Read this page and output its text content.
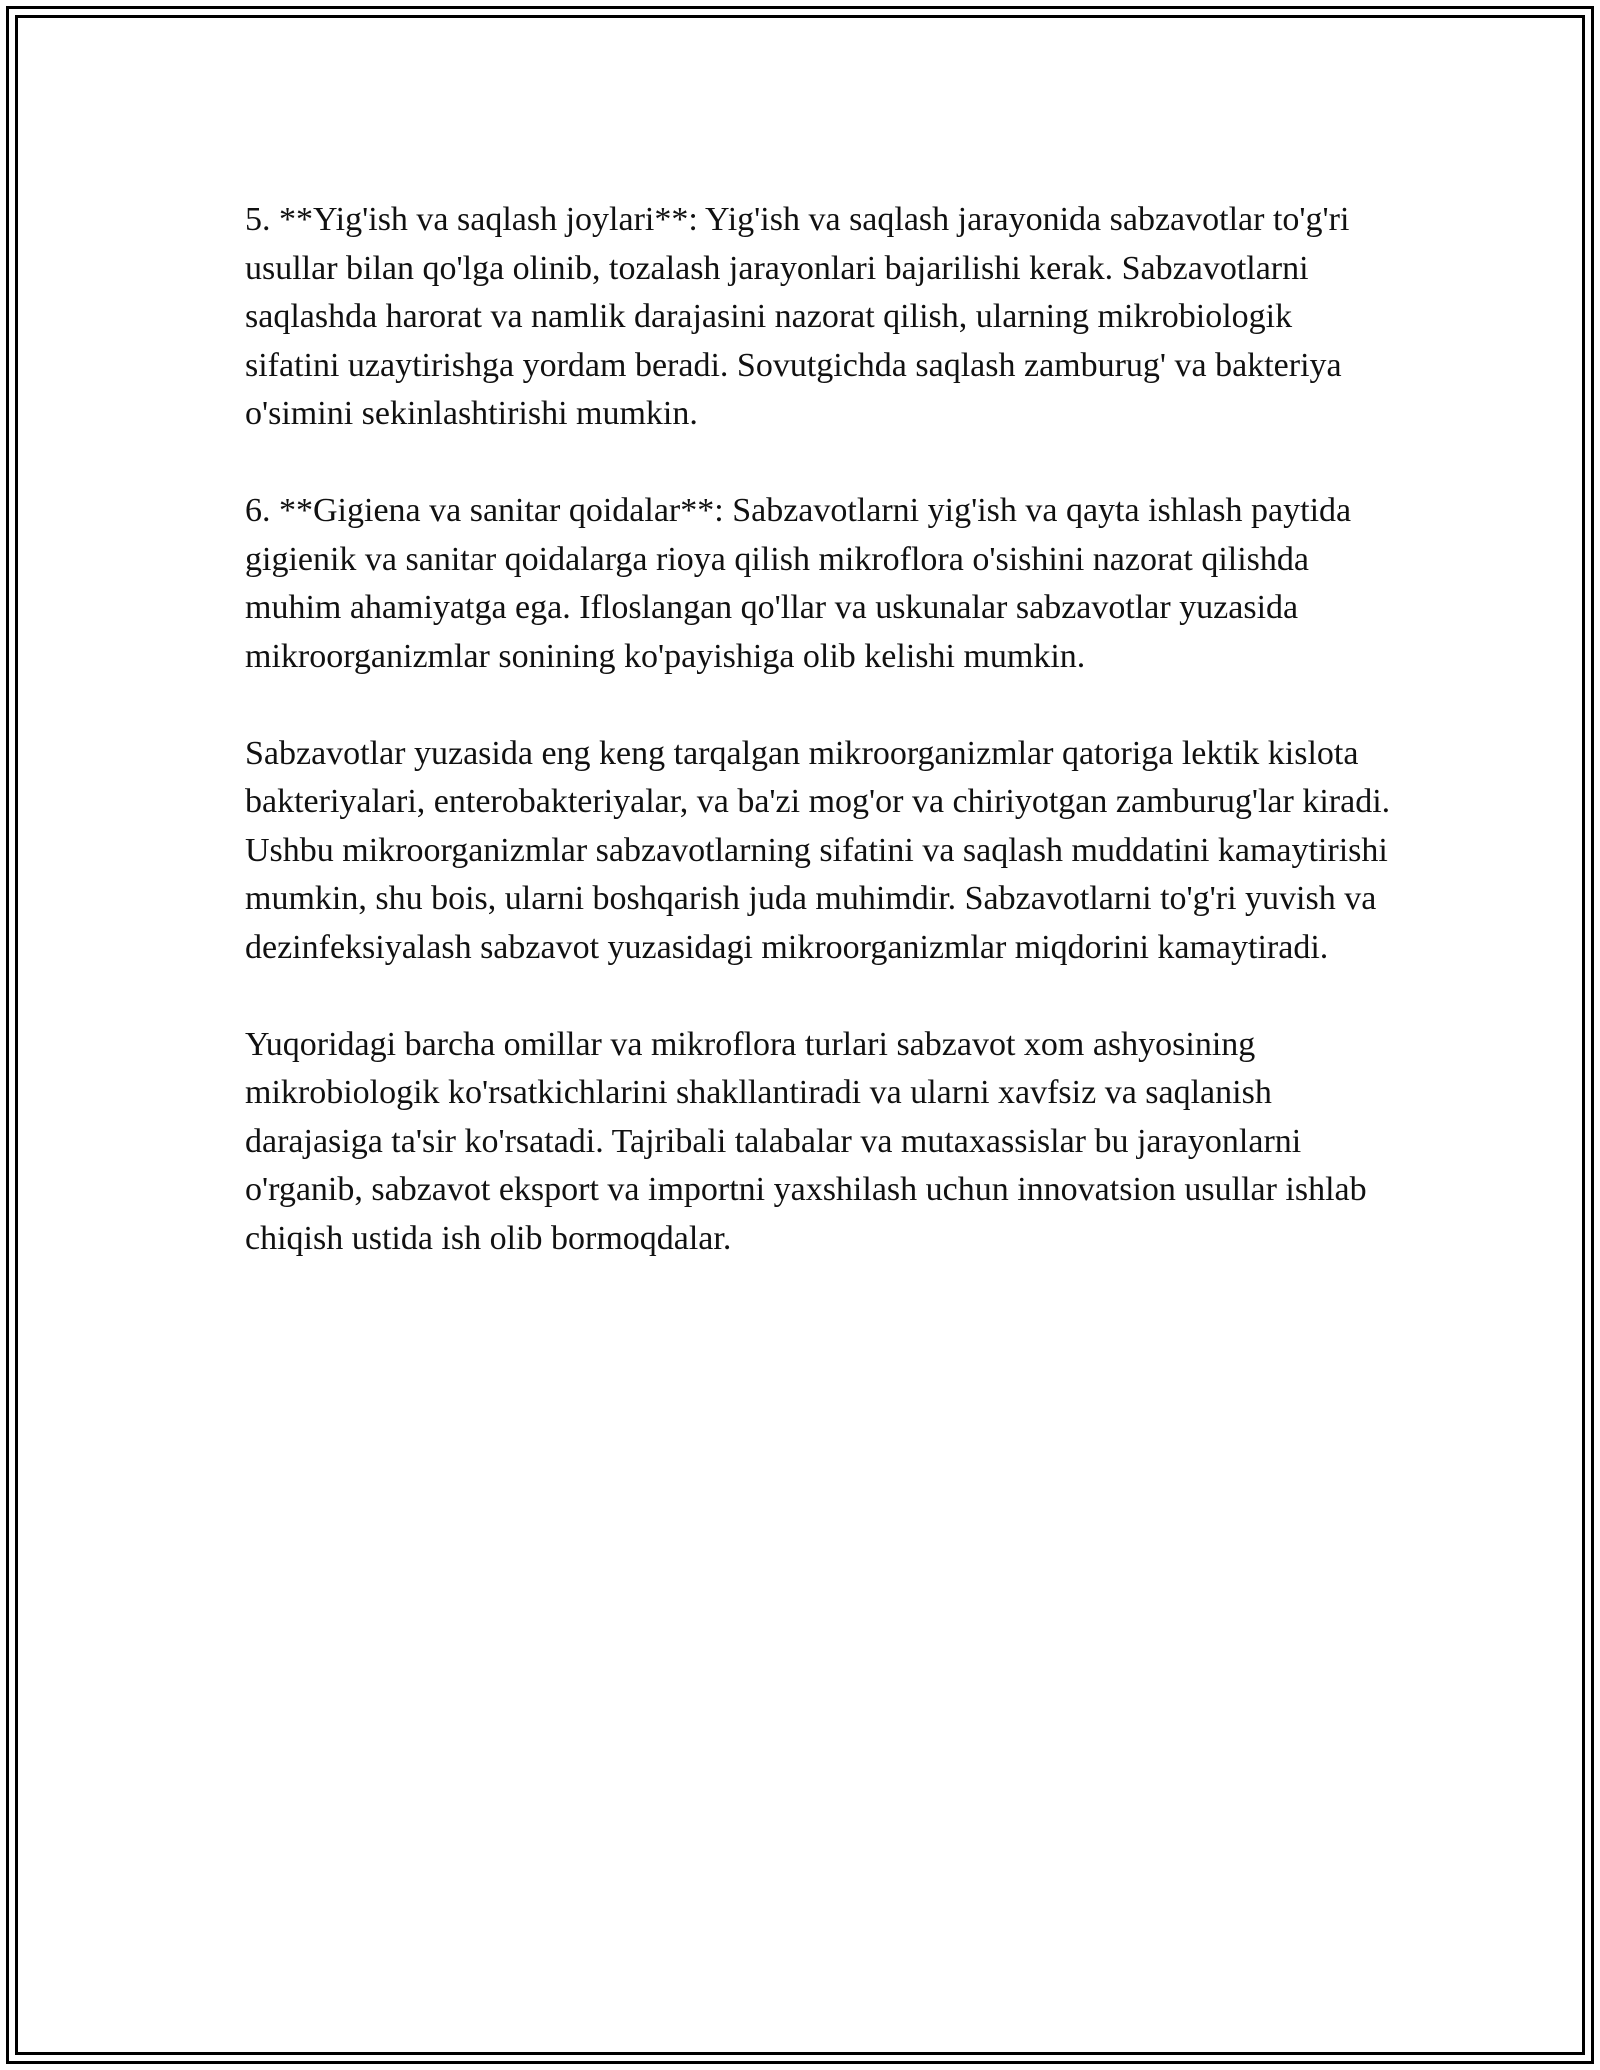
5. **Yig'ish va saqlash joylari**: Yig'ish va saqlash jarayonida sabzavotlar to'g'ri usullar bilan qo'lga olinib, tozalash jarayonlari bajarilishi kerak. Sabzavotlarni saqlashda harorat va namlik darajasini nazorat qilish, ularning mikrobiologik sifatini uzaytirishga yordam beradi. Sovutgichda saqlash zamburug' va bakteriya o'simini sekinlashtirishi mumkin.

6. **Gigiena va sanitar qoidalar**: Sabzavotlarni yig'ish va qayta ishlash paytida gigienik va sanitar qoidalarga rioya qilish mikroflora o'sishini nazorat qilishda muhim ahamiyatga ega. Ifloslangan qo'llar va uskunalar sabzavotlar yuzasida mikroorganizmlar sonining ko'payishiga olib kelishi mumkin.

Sabzavotlar yuzasida eng keng tarqalgan mikroorganizmlar qatoriga lektik kislota bakteriyalari, enterobakteriyalar, va ba'zi mog'or va chiriyotgan zamburug'lar kiradi. Ushbu mikroorganizmlar sabzavotlarning sifatini va saqlash muddatini kamaytirishi mumkin, shu bois, ularni boshqarish juda muhimdir. Sabzavotlarni to'g'ri yuvish va dezinfeksiyalash sabzavot yuzasidagi mikroorganizmlar miqdorini kamaytiradi.

Yuqoridagi barcha omillar va mikroflora turlari sabzavot xom ashyosining mikrobiologik ko'rsatkichlarini shakllantiradi va ularni xavfsiz va saqlanish darajasiga ta'sir ko'rsatadi. Tajribali talabalar va mutaxassislar bu jarayonlarni o'rganib, sabzavot eksport va importni yaxshilash uchun innovatsion usullar ishlab chiqish ustida ish olib bormoqdalar.
